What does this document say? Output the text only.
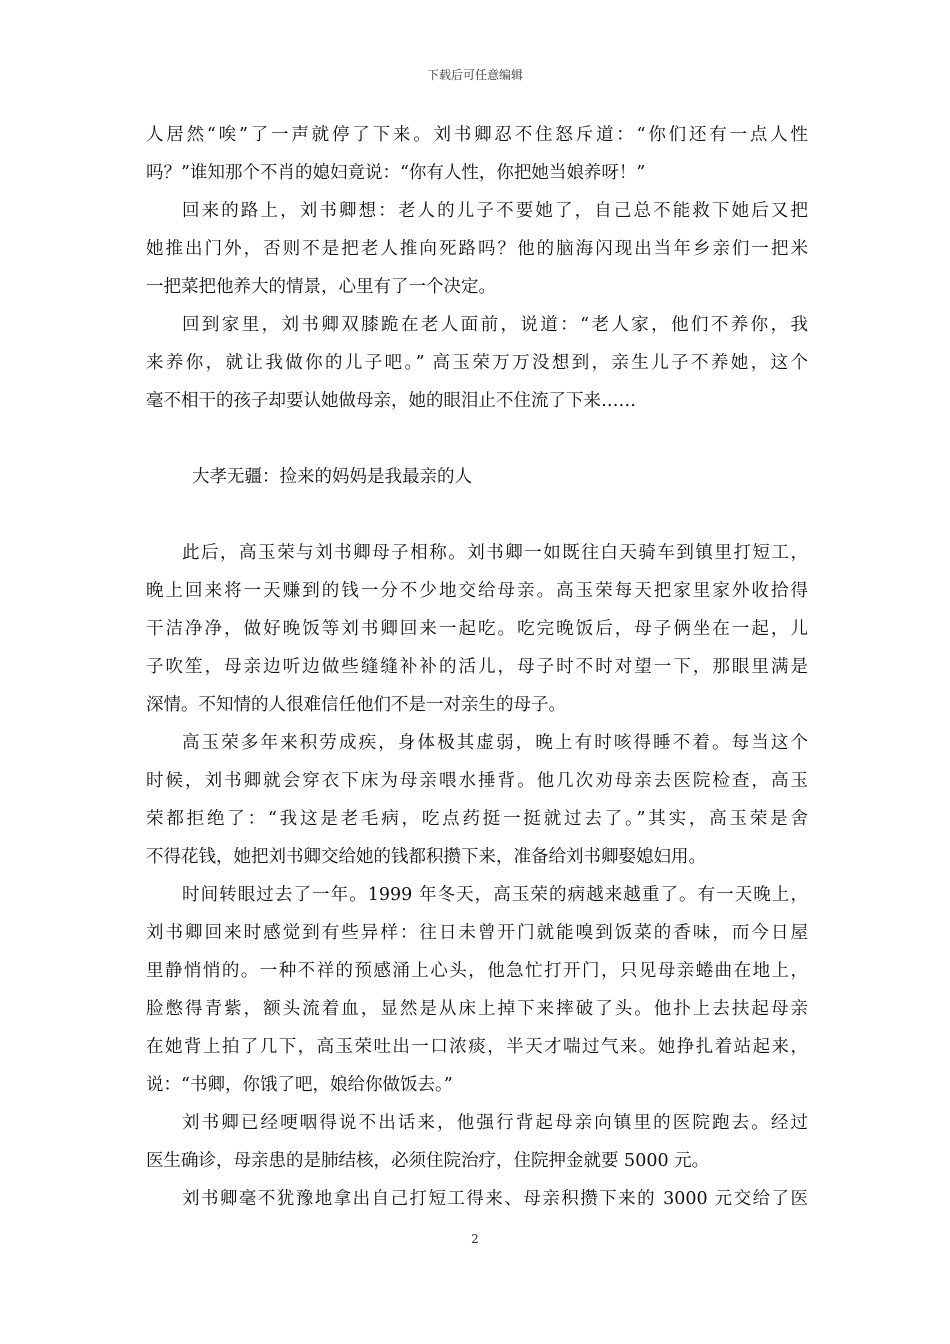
下载后可任意编辑
人居然“唉”了一声就停了下来。刘书卿忍不住怒斥道：“你们还有一点人性
吗？”谁知那个不肖的媳妇竟说：“你有人性，你把她当娘养呀！”
回来的路上，刘书卿想：老人的儿子不要她了，自己总不能救下她后又把
她推出门外，否则不是把老人推向死路吗？他的脑海闪现出当年乡亲们一把米
一把菜把他养大的情景，心里有了一个决定。
回到家里，刘书卿双膝跪在老人面前，说道：“老人家，他们不养你，我
来养你，就让我做你的儿子吧。” 高玉荣万万没想到，亲生儿子不养她，这个
毫不相干的孩子却要认她做母亲，她的眼泪止不住流了下来……
大孝无疆：捡来的妈妈是我最亲的人
此后，高玉荣与刘书卿母子相称。刘书卿一如既往白天骑车到镇里打短工，
晚上回来将一天赚到的钱一分不少地交给母亲。高玉荣每天把家里家外收拾得
干洁净净，做好晚饭等刘书卿回来一起吃。吃完晚饭后，母子俩坐在一起，儿
子吹笙，母亲边听边做些缝缝补补的活儿，母子时不时对望一下，那眼里满是
深情。不知情的人很难信任他们不是一对亲生的母子。
高玉荣多年来积劳成疾，身体极其虚弱，晚上有时咳得睡不着。每当这个
时候，刘书卿就会穿衣下床为母亲喂水捶背。他几次劝母亲去医院检查，高玉
荣都拒绝了：“我这是老毛病，吃点药挺一挺就过去了。”其实，高玉荣是舍
不得花钱，她把刘书卿交给她的钱都积攒下来，准备给刘书卿娶媳妇用。
时间转眼过去了一年。1999 年冬天，高玉荣的病越来越重了。有一天晚上，
刘书卿回来时感觉到有些异样：往日未曾开门就能嗅到饭菜的香味，而今日屋
里静悄悄的。一种不祥的预感涌上心头，他急忙打开门，只见母亲蜷曲在地上，
脸憋得青紫，额头流着血，显然是从床上掉下来摔破了头。他扑上去扶起母亲
在她背上拍了几下，高玉荣吐出一口浓痰，半天才喘过气来。她挣扎着站起来，
说：“书卿，你饿了吧，娘给你做饭去。”
刘书卿已经哽咽得说不出话来，他强行背起母亲向镇里的医院跑去。经过
医生确诊，母亲患的是肺结核，必须住院治疗，住院押金就要 5000 元。
刘书卿毫不犹豫地拿出自己打短工得来、母亲积攒下来的 3000 元交给了医
2
